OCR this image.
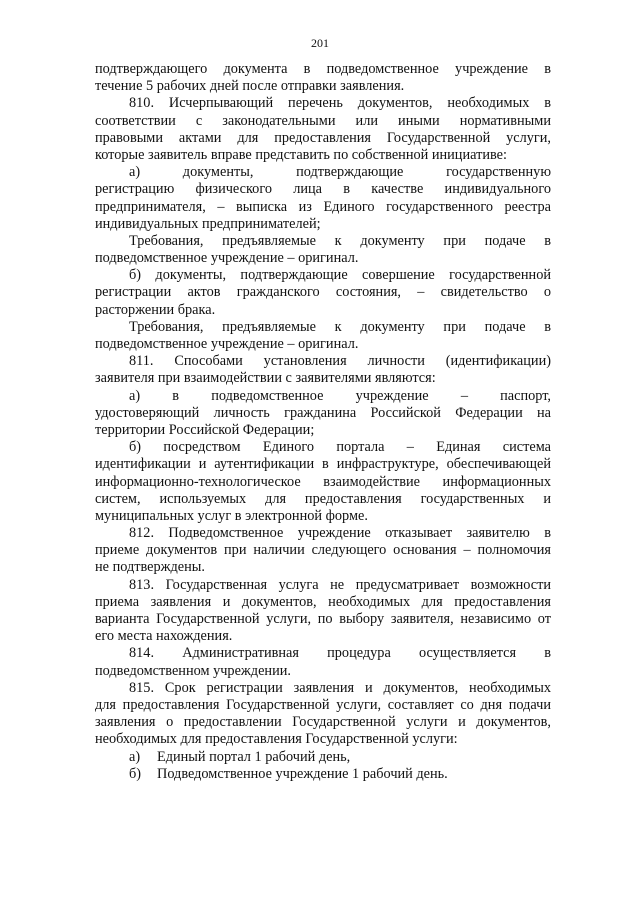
201
подтверждающего документа в подведомственное учреждение в
течение 5 рабочих дней после отправки заявления.
810. Исчерпывающий перечень документов, необходимых в
соответствии с законодательными или иными нормативными
правовыми актами для предоставления Государственной услуги,
которые заявитель вправе представить по собственной инициативе:
а) документы, подтверждающие государственную
регистрацию физического лица в качестве индивидуального
предпринимателя, – выписка из Единого государственного реестра
индивидуальных предпринимателей;
Требования, предъявляемые к документу при подаче в
подведомственное учреждение – оригинал.
б) документы, подтверждающие совершение государственной
регистрации актов гражданского состояния, – свидетельство о
расторжении брака.
Требования, предъявляемые к документу при подаче в
подведомственное учреждение – оригинал.
811. Способами установления личности (идентификации)
заявителя при взаимодействии с заявителями являются:
а) в подведомственное учреждение – паспорт,
удостоверяющий личность гражданина Российской Федерации на
территории Российской Федерации;
б) посредством Единого портала – Единая система
идентификации и аутентификации в инфраструктуре, обеспечивающей
информационно-технологическое взаимодействие информационных
систем, используемых для предоставления государственных и
муниципальных услуг в электронной форме.
812. Подведомственное учреждение отказывает заявителю в
приеме документов при наличии следующего основания – полномочия
не подтверждены.
813. Государственная услуга не предусматривает возможности
приема заявления и документов, необходимых для предоставления
варианта Государственной услуги, по выбору заявителя, независимо от
его места нахождения.
814. Административная процедура осуществляется в
подведомственном учреждении.
815. Срок регистрации заявления и документов, необходимых
для предоставления Государственной услуги, составляет со дня подачи
заявления о предоставлении Государственной услуги и документов,
необходимых для предоставления Государственной услуги:
а)	Единый портал 1 рабочий день,
б)	Подведомственное учреждение 1 рабочий день.
